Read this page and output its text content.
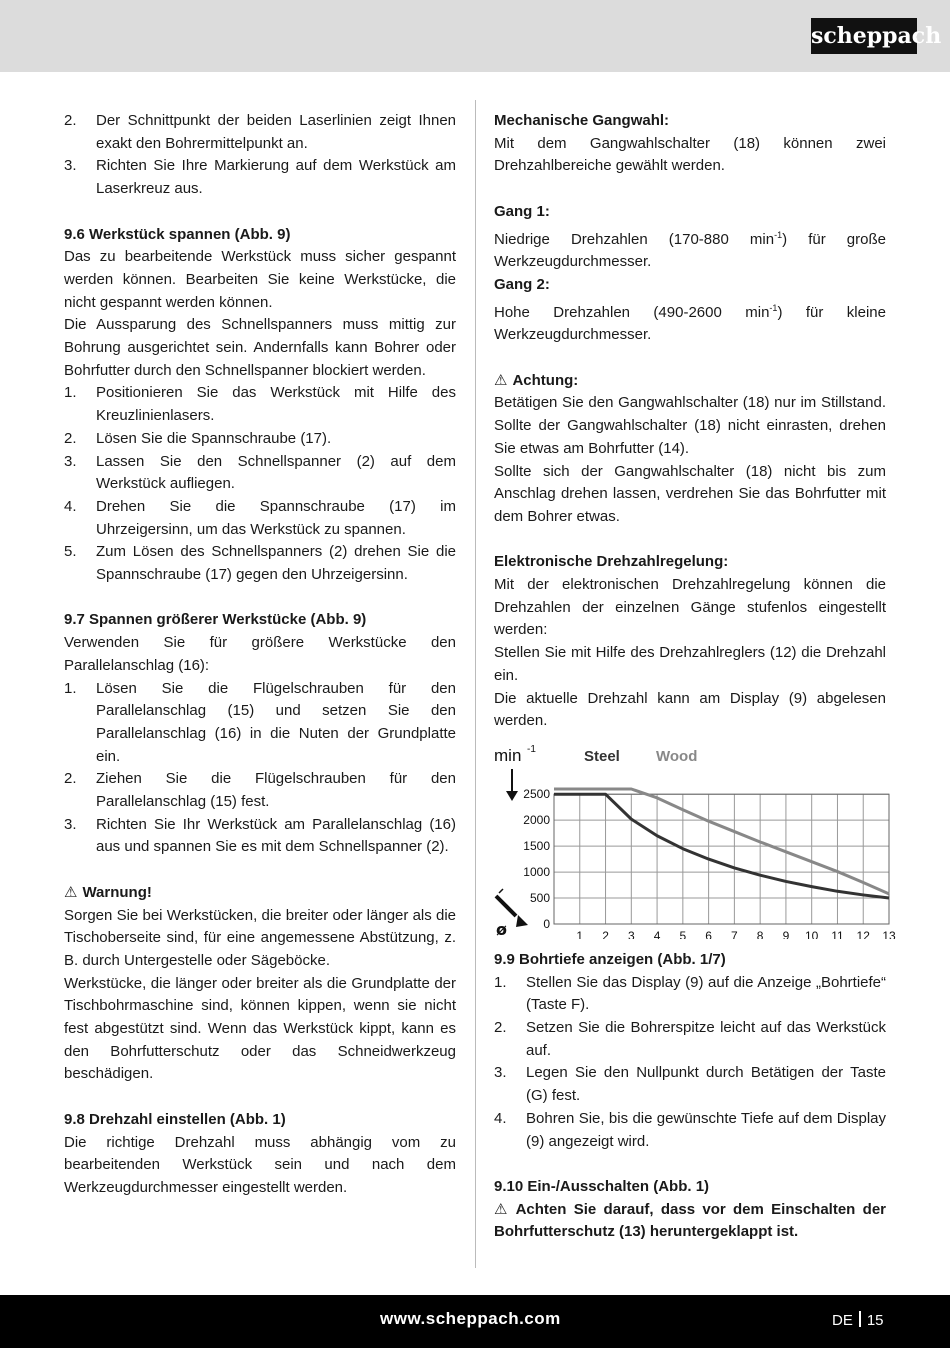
scheppach
2.	Der Schnittpunkt der beiden Laserlinien zeigt Ihnen exakt den Bohrermittelpunkt an.
3.	Richten Sie Ihre Markierung auf dem Werkstück am Laserkreuz aus.

9.6 Werkstück spannen (Abb. 9)

Das zu bearbeitende Werkstück muss sicher gespannt werden können. Bearbeiten Sie keine Werkstücke, die nicht gespannt werden können.

Die Aussparung des Schnellspanners muss mittig zur Bohrung ausgerichtet sein. Andernfalls kann Bohrer oder Bohrfutter durch den Schnellspanner blockiert werden.

1.	Positionieren Sie das Werkstück mit Hilfe des Kreuzlinienlasers.
2.	Lösen Sie die Spannschraube (17).
3.	Lassen Sie den Schnellspanner (2) auf dem Werkstück aufliegen.
4.	Drehen Sie die Spannschraube (17) im Uhrzeigersinn, um das Werkstück zu spannen.
5.	Zum Lösen des Schnellspanners (2) drehen Sie die Spannschraube (17) gegen den Uhrzeigersinn.

9.7 Spannen größerer Werkstücke (Abb. 9)

Verwenden Sie für größere Werkstücke den Parallelanschlag (16):

1.	Lösen Sie die Flügelschrauben für den Parallelanschlag (15) und setzen Sie den Parallelanschlag (16) in die Nuten der Grundplatte ein.
2.	Ziehen Sie die Flügelschrauben für den Parallelanschlag (15) fest.
3.	Richten Sie Ihr Werkstück am Parallelanschlag (16) aus und spannen Sie es mit dem Schnellspanner (2).

⚠ Warnung!

Sorgen Sie bei Werkstücken, die breiter oder länger als die Tischoberseite sind, für eine angemessene Abstützung, z. B. durch Untergestelle oder Sägeböcke.

Werkstücke, die länger oder breiter als die Grundplatte der Tischbohrmaschine sind, können kippen, wenn sie nicht fest abgestützt sind. Wenn das Werkstück kippt, kann es den Bohrfutterschutz oder das Schneidwerkzeug beschädigen.

9.8 Drehzahl einstellen (Abb. 1)

Die richtige Drehzahl muss abhängig vom zu bearbeitenden Werkstück sein und nach dem Werkzeugdurchmesser eingestellt werden.

Mechanische Gangwahl:

Mit dem Gangwahlschalter (18) können zwei Drehzahlbereiche gewählt werden.

Gang 1:

Niedrige Drehzahlen (170-880 $\min^{-1}$) für große Werkzeugdurchmesser.

Gang 2:

Hohe Drehzahlen (490-2600 $\min^{-1}$) für kleine Werkzeugdurchmesser.

⚠ Achtung:

Betätigen Sie den Gangwahlschalter (18) nur im Stillstand. Sollte der Gangwahlschalter (18) nicht einrasten, drehen Sie etwas am Bohrfutter (14).

Sollte sich der Gangwahlschalter (18) nicht bis zum Anschlag drehen lassen, verdrehen Sie das Bohrfutter mit dem Bohrer etwas.

Elektronische Drehzahlregelung:

Mit der elektronischen Drehzahlregelung können die Drehzahlen der einzelnen Gänge stufenlos eingestellt werden:

Stellen Sie mit Hilfe des Drehzahlreglers (12) die Drehzahl ein.

Die aktuelle Drehzahl kann am Display (9) abgelesen werden.

0
500
1000
1500
2000
2500
1 2 3 4 5 6 7 8 9 10 11 12 13
Steel Wood
min -1
ø

9.9 Bohrtiefe anzeigen (Abb. 1/7)

1.	Stellen Sie das Display (9) auf die Anzeige „Bohrtiefe“ (Taste F).
2.	Setzen Sie die Bohrerspitze leicht auf das Werkstück auf.
3.	Legen Sie den Nullpunkt durch Betätigen der Taste (G) fest.
4.	Bohren Sie, bis die gewünschte Tiefe auf dem Display (9) angezeigt wird.

9.10 Ein-/Ausschalten (Abb. 1)

⚠ Achten Sie darauf, dass vor dem Einschalten der Bohrfutterschutz (13) heruntergeklappt ist.

www.scheppach.com	DE 15
